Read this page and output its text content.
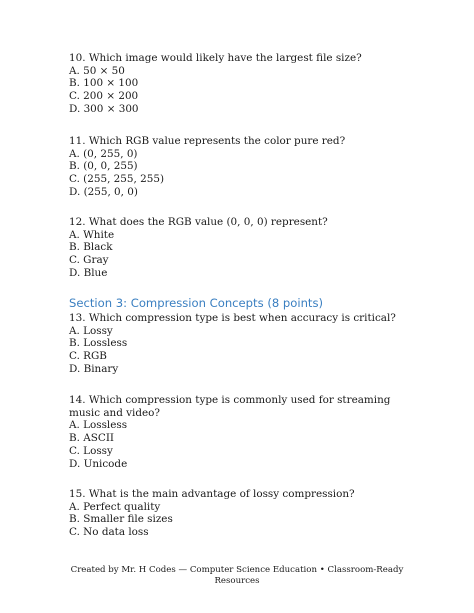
10. Which image would likely have the largest file size?

A. 50 × 50

B. 100 × 100

C. 200 × 200

D. 300 × 300

11. Which RGB value represents the color pure red?

A. (0, 255, 0)

B. (0, 0, 255)

C. (255, 255, 255)

D. (255, 0, 0)

12. What does the RGB value (0, 0, 0) represent?

A. White

B. Black

C. Gray

D. Blue

Section 3: Compression Concepts (8 points)

13. Which compression type is best when accuracy is critical?

A. Lossy

B. Lossless

C. RGB

D. Binary

14. Which compression type is commonly used for streaming music and video?

A. Lossless

B. ASCII

C. Lossy

D. Unicode

15. What is the main advantage of lossy compression?

A. Perfect quality

B. Smaller file sizes

C. No data loss

Created by Mr. H Codes — Computer Science Education • Classroom-Ready Resources
